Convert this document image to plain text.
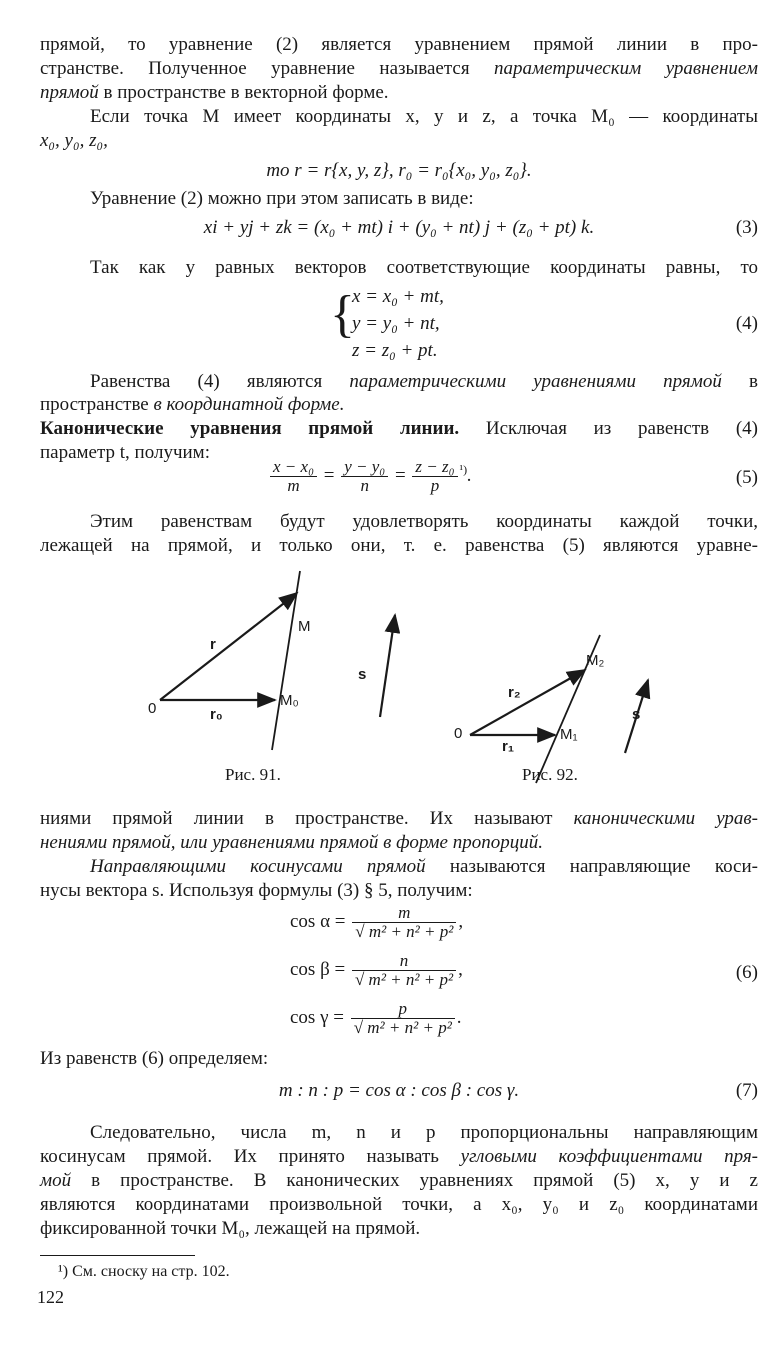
прямой, то уравнение (2) является уравнением прямой линии в про-
странстве. Полученное уравнение называется параметрическим уравнением
прямой в пространстве в векторной форме.
Если точка M имеет координаты x, y и z, а точка M₀ — координаты
x₀, y₀, z₀,
то r = r{x, y, z}, r₀ = r₀{x₀, y₀, z₀}.
Уравнение (2) можно при этом записать в виде:
xi + yj + zk = (x₀ + mt) i + (y₀ + nt) j + (z₀ + pt) k.	(3)
Так как у равных векторов соответствующие координаты равны, то
{
x = x₀ + mt,
y = y₀ + nt,
z = z₀ + pt.
(4)
Равенства (4) являются параметрическими уравнениями прямой в
пространстве в координатной форме.
Канонические уравнения прямой линии. Исключая из равенств (4)
параметр t, получим:
$\frac{\text{x − x₀}}{m} = \frac{\text{y − y₀}}{n} = \frac{\text{z − z₀}}{p} ^{^1)}$.	(5)
Этим равенствам будут удовлетворять координаты каждой точки,
лежащей на прямой, и только они, т. е. равенства (5) являются уравне-
M
M₀
0
r
r₀
s
Рис. 91.
M₂
M₁
0
r₂
r₁
s
Рис. 92.
ниями прямой линии в пространстве. Их называют каноническими урав-
нениями прямой, или уравнениями прямой в форме пропорций.
Направляющими косинусами прямой называются направляющие коси-
нусы вектора s. Используя формулы (3) § 5, получим:
$\cos \alpha = \frac{m}{\text{√ m² + n² + p²}}$ ,
$\cos \beta = \frac{n}{\text{√ m² + n² + p²}}$ ,
$\cos \gamma = \frac{p}{\text{√ m² + n² + p²}}$ .
(6)
Из равенств (6) определяем:
m : n : p = cos α : cos β : cos γ.	(7)
Следовательно, числа m, n и p пропорциональны направляющим
косинусам прямой. Их принято называть угловыми коэффициентами пря-
мой в пространстве. В канонических уравнениях прямой (5) x, y и z
являются координатами произвольной точки, а x₀, y₀ и z₀ координатами
фиксированной точки M₀, лежащей на прямой.
¹) См. сноску на стр. 102.
122
